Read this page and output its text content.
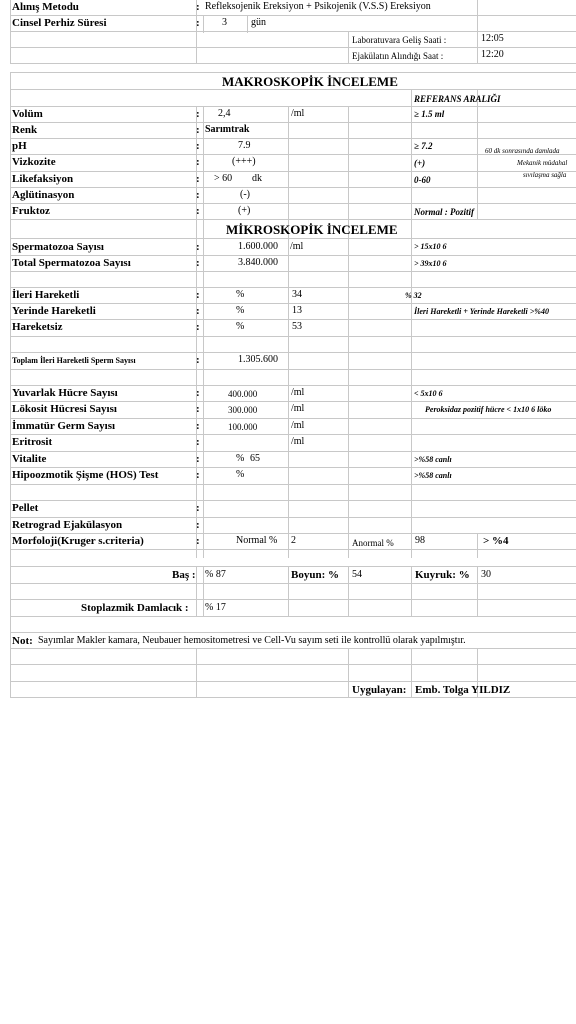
Alınış Metodu	: Refleksojenik Ereksiyon + Psikojenik (V.S.S) Ereksiyon
Cinsel Perhiz Süresi	: 3 gün
Laboratuvara Geliş Saati :	12:05
Ejakülatın Alındığı Saat :	12:20
MAKROSKOPİK İNCELEME
REFERANS ARALIĞI
Volüm	: 2,4	/ml	≥ 1.5 ml
Renk	: Sarımtrak
pH	:	7.9	≥ 7.2	60 dk sonrasında damlada
Vizkozite	:	(+++)	(+)	Mekanik müdahal
Likefaksiyon	: > 60 dk	0-60	sıvılaşma sağla
Aglütinasyon	:	(-)
Fruktoz	:	(+)	Normal : Pozitif
MİKROSKOPİK İNCELEME
Spermatozoa Sayısı	:	1.600.000 /ml	> 15x10 6
Total Spermatozoa Sayısı	:	3.840.000	> 39x10 6
İleri Hareketli	:	%	34	% 32
Yerinde Hareketli	:	%	13	İleri Hareketli + Yerinde Hareketli >%40
Hareketsiz	:	%	53
Toplam İleri Hareketli Sperm Sayısı	:	1.305.600
Yuvarlak Hücre Sayısı	:	400.000	/ml	< 5x10 6
Lökosit Hücresi Sayısı	:	300.000	/ml	Peroksidaz pozitif hücre < 1x10 6 löko
İmmatür Germ Sayısı	:	100.000	/ml
Eritrosit	:	/ml
Vitalite	:	% 65	>%58 canlı
Hipoozmotik Şişme (HOS) Test	:	%	>%58 canlı
Pellet	:
Retrograd Ejakülasyon	:
Morfoloji(Kruger s.criteria)	:	Normal % 2	Anormal % 98	> %4
Baş : % 87	Boyun: % 54	Kuyruk: % 30
Stoplazmik Damlacık : % 17
Not: Sayımlar Makler kamara, Neubauer hemositometresi ve Cell-Vu sayım seti ile kontrollü olarak yapılmıştır.
Uygulayan: Emb. Tolga YILDIZ
